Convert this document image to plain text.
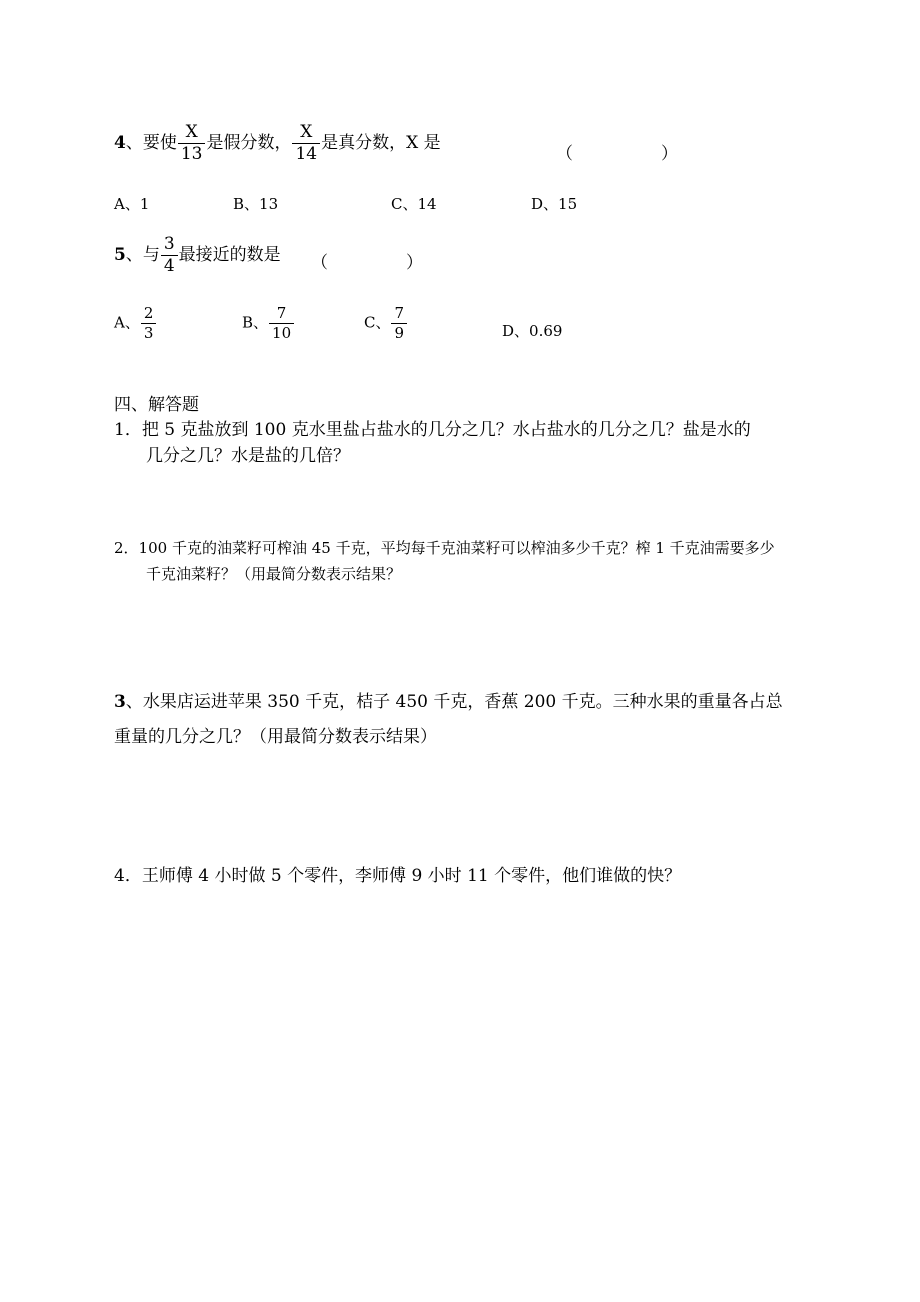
4、要使 $\frac{X}{13}$ 是假分数， $\frac{X}{14}$ 是真分数，X 是
（	）
A、1	B、13	C、14	D、15
5、与 $\frac{3}{4}$ 最接近的数是 （	）
A、 $\frac{2}{3}$	B、 $\frac{7}{10}$	C、 $\frac{7}{9}$	D、0.69
四、解答题
1．把 5 克盐放到 100 克水里盐占盐水的几分之几？水占盐水的几分之几？盐是水的
几分之几？水是盐的几倍？
2．100 千克的油菜籽可榨油 45 千克，平均每千克油菜籽可以榨油多少千克？榨 1 千克油需要多少
千克油菜籽？（用最简分数表示结果？
3、水果店运进苹果 350 千克，桔子 450 千克，香蕉 200 千克。三种水果的重量各占总
重量的几分之几？（用最简分数表示结果）
4．王师傅 4 小时做 5 个零件，李师傅 9 小时 11 个零件，他们谁做的快？
